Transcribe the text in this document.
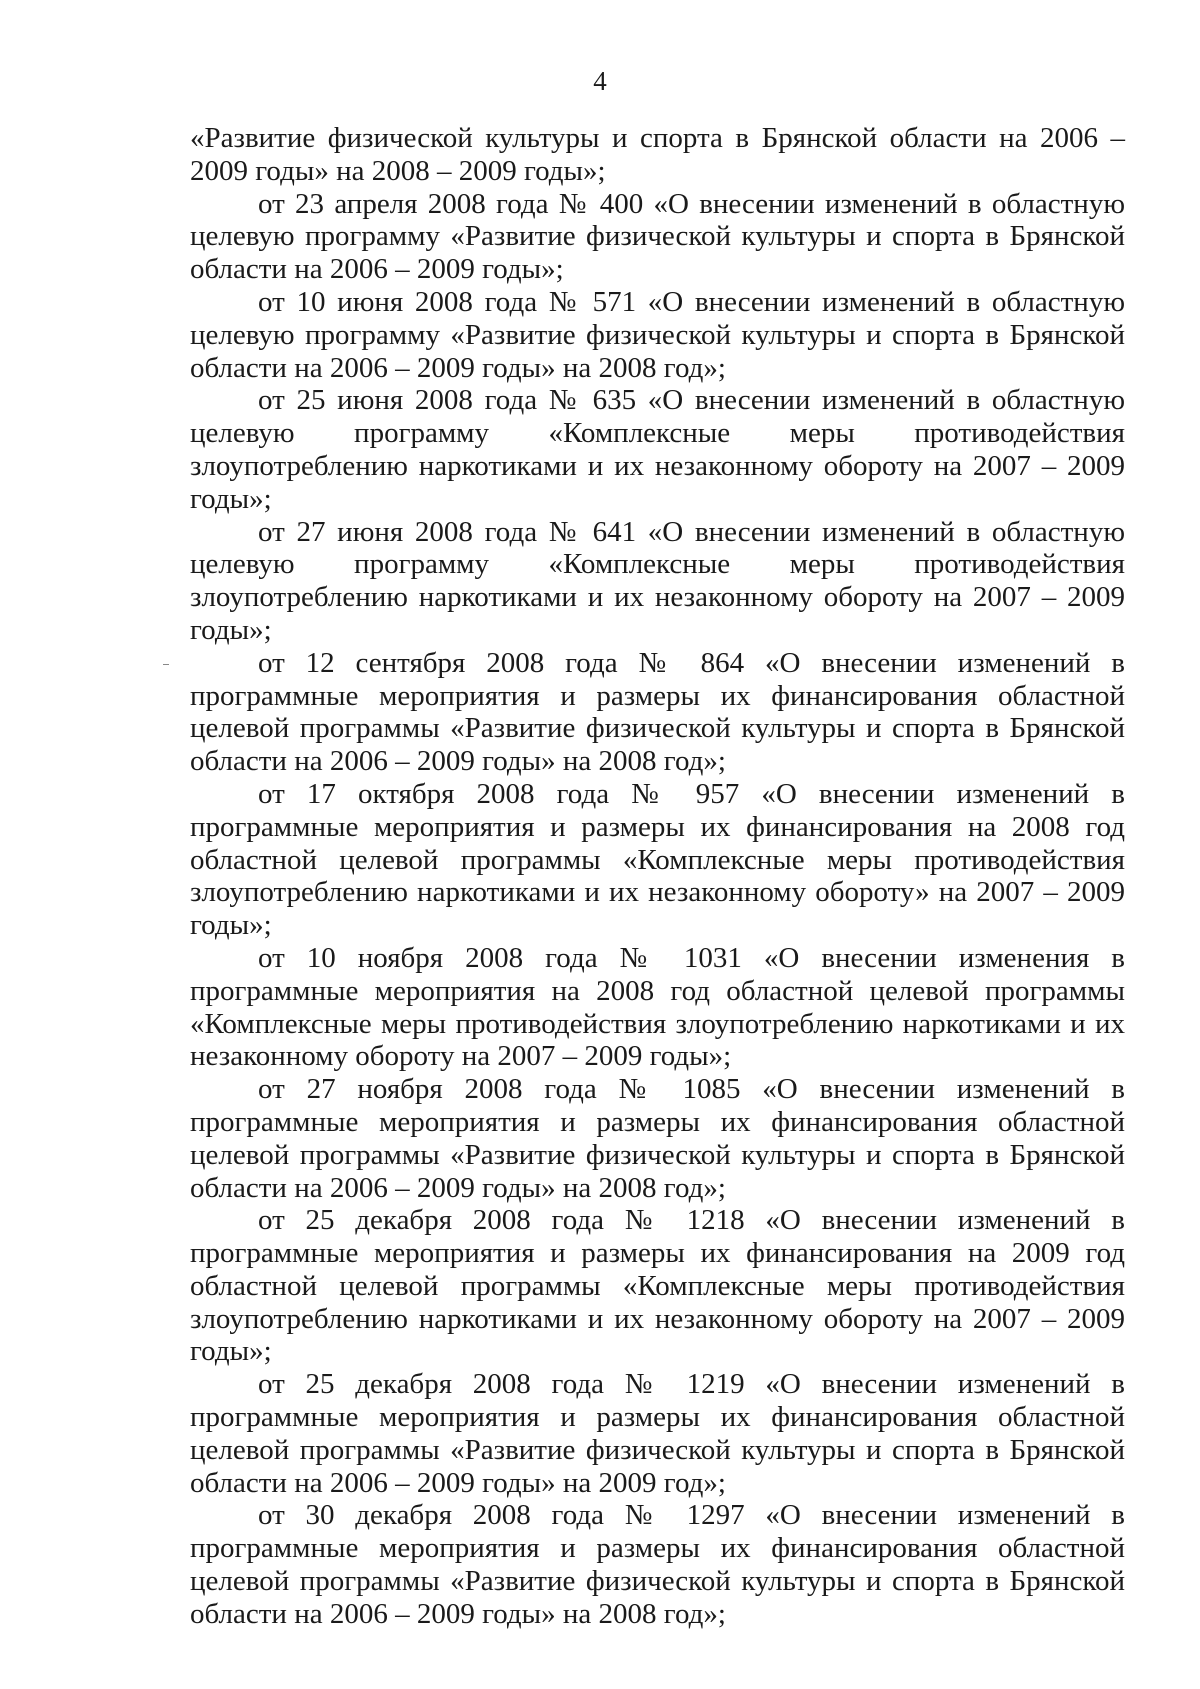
4

«Развитие физической культуры и спорта в Брянской области на 2006 – 2009 годы» на 2008 – 2009 годы»;

от 23 апреля 2008 года № 400 «О внесении изменений в областную целевую программу «Развитие физической культуры и спорта в Брянской области на 2006 – 2009 годы»;

от 10 июня 2008 года № 571 «О внесении изменений в областную целевую программу «Развитие физической культуры и спорта в Брянской области на 2006 – 2009 годы» на 2008 год»;

от 25 июня 2008 года № 635 «О внесении изменений в областную целевую программу «Комплексные меры противодействия злоупотреблению наркотиками и их незаконному обороту на 2007 – 2009 годы»;

от 27 июня 2008 года № 641 «О внесении изменений в областную целевую программу «Комплексные меры противодействия злоупотреблению наркотиками и их незаконному обороту на 2007 – 2009 годы»;

от 12 сентября 2008 года № 864 «О внесении изменений в программные мероприятия и размеры их финансирования областной целевой программы «Развитие физической культуры и спорта в Брянской области на 2006 – 2009 годы» на 2008 год»;

от 17 октября 2008 года № 957 «О внесении изменений в программные мероприятия и размеры их финансирования на 2008 год областной целевой программы «Комплексные меры противодействия злоупотреблению наркотиками и их незаконному обороту» на 2007 – 2009 годы»;

от 10 ноября 2008 года № 1031 «О внесении изменения в программные мероприятия на 2008 год областной целевой программы «Комплексные меры противодействия злоупотреблению наркотиками и их незаконному обороту на 2007 – 2009 годы»;

от 27 ноября 2008 года № 1085 «О внесении изменений в программные мероприятия и размеры их финансирования областной целевой программы «Развитие физической культуры и спорта в Брянской области на 2006 – 2009 годы» на 2008 год»;

от 25 декабря 2008 года № 1218 «О внесении изменений в программные мероприятия и размеры их финансирования на 2009 год областной целевой программы «Комплексные меры противодействия злоупотреблению наркотиками и их незаконному обороту на 2007 – 2009 годы»;

от 25 декабря 2008 года № 1219 «О внесении изменений в программные мероприятия и размеры их финансирования областной целевой программы «Развитие физической культуры и спорта в Брянской области на 2006 – 2009 годы» на 2009 год»;

от 30 декабря 2008 года № 1297 «О внесении изменений в программные мероприятия и размеры их финансирования областной целевой программы «Развитие физической культуры и спорта в Брянской области на 2006 – 2009 годы» на 2008 год»;
